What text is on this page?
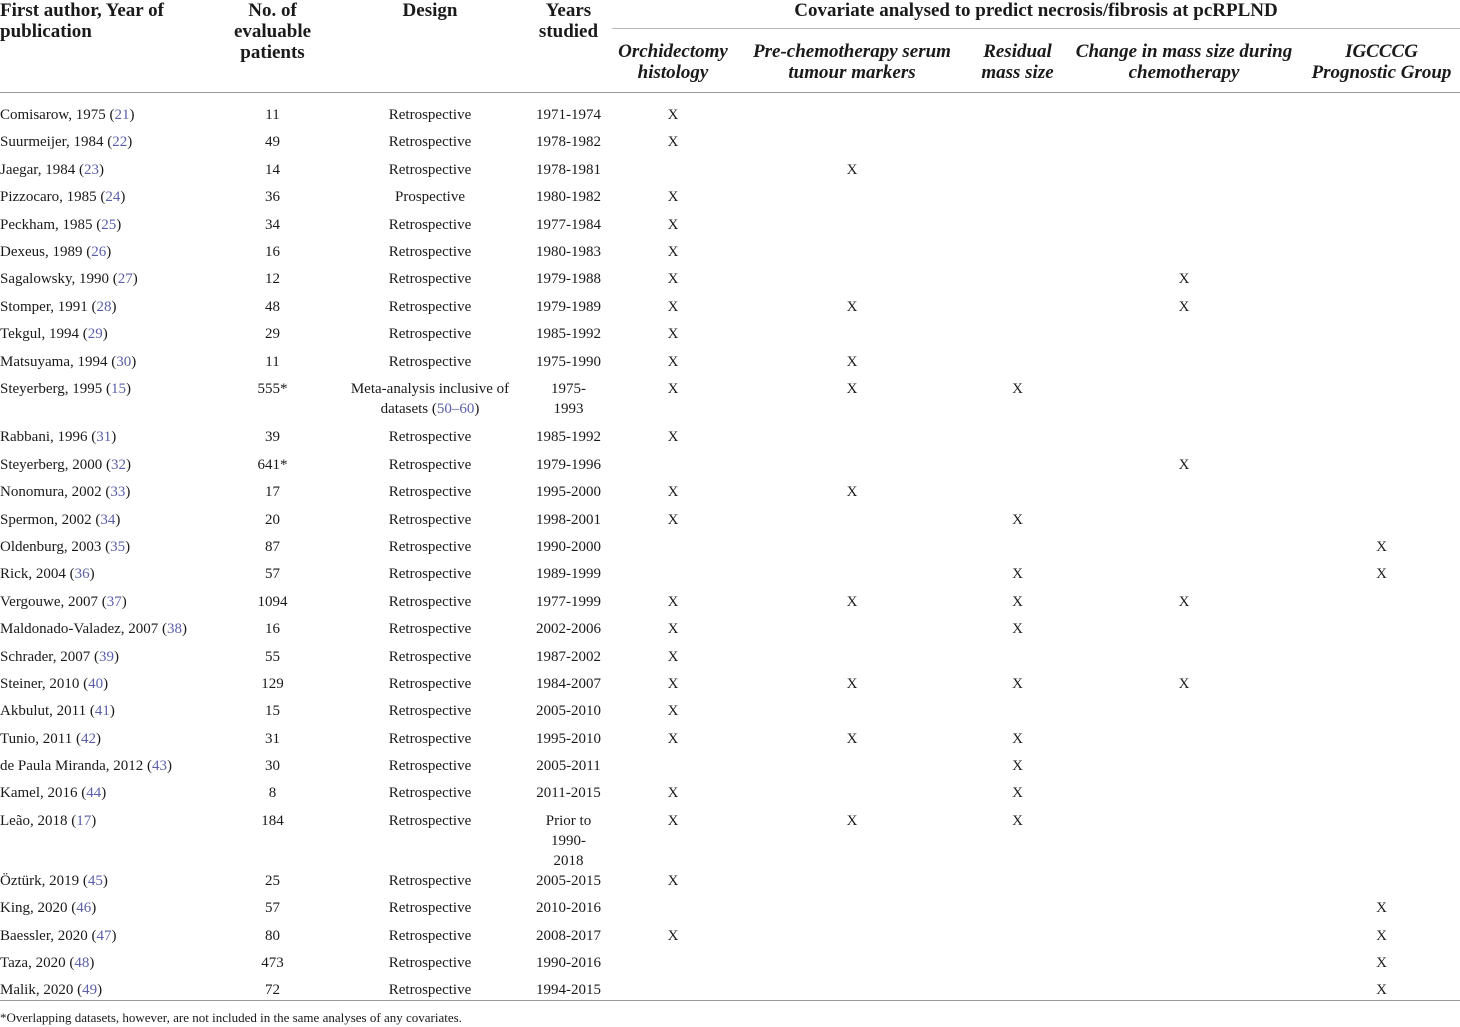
First author, Year of publication	No. of evaluable patients	Design	Years studied	Covariate analysed to predict necrosis/fibrosis at pcRPLND				
				Orchidectomy histology	Pre-chemotherapy serum tumour markers	Residual mass size	Change in mass size during chemotherapy	IGCCCG Prognostic Group
Comisarow, 1975 (21)	11	Retrospective	1971-1974	X				
Suurmeijer, 1984 (22)	49	Retrospective	1978-1982	X				
Jaegar, 1984 (23)	14	Retrospective	1978-1981		X			
Pizzocaro, 1985 (24)	36	Prospective	1980-1982	X				
Peckham, 1985 (25)	34	Retrospective	1977-1984	X				
Dexeus, 1989 (26)	16	Retrospective	1980-1983	X				
Sagalowsky, 1990 (27)	12	Retrospective	1979-1988	X			X	
Stomper, 1991 (28)	48	Retrospective	1979-1989	X	X		X	
Tekgul, 1994 (29)	29	Retrospective	1985-1992	X				
Matsuyama, 1994 (30)	11	Retrospective	1975-1990	X	X			
Steyerberg, 1995 (15)	555*	Meta-analysis inclusive of datasets (50–60)	1975-1993	X	X	X		
Rabbani, 1996 (31)	39	Retrospective	1985-1992	X				
Steyerberg, 2000 (32)	641*	Retrospective	1979-1996				X	
Nonomura, 2002 (33)	17	Retrospective	1995-2000	X	X			
Spermon, 2002 (34)	20	Retrospective	1998-2001	X		X		
Oldenburg, 2003 (35)	87	Retrospective	1990-2000					X
Rick, 2004 (36)	57	Retrospective	1989-1999			X		X
Vergouwe, 2007 (37)	1094	Retrospective	1977-1999	X	X	X	X	
Maldonado-Valadez, 2007 (38)	16	Retrospective	2002-2006	X		X		
Schrader, 2007 (39)	55	Retrospective	1987-2002	X				
Steiner, 2010 (40)	129	Retrospective	1984-2007	X	X	X	X	
Akbulut, 2011 (41)	15	Retrospective	2005-2010	X				
Tunio, 2011 (42)	31	Retrospective	1995-2010	X	X	X		
de Paula Miranda, 2012 (43)	30	Retrospective	2005-2011			X		
Kamel, 2016 (44)	8	Retrospective	2011-2015	X		X		
Leão, 2018 (17)	184	Retrospective	Prior to 1990-2018	X	X	X		
Öztürk, 2019 (45)	25	Retrospective	2005-2015	X				
King, 2020 (46)	57	Retrospective	2010-2016					X
Baessler, 2020 (47)	80	Retrospective	2008-2017	X				X
Taza, 2020 (48)	473	Retrospective	1990-2016					X
Malik, 2020 (49)	72	Retrospective	1994-2015					X
*Overlapping datasets, however, are not included in the same analyses of any covariates.
